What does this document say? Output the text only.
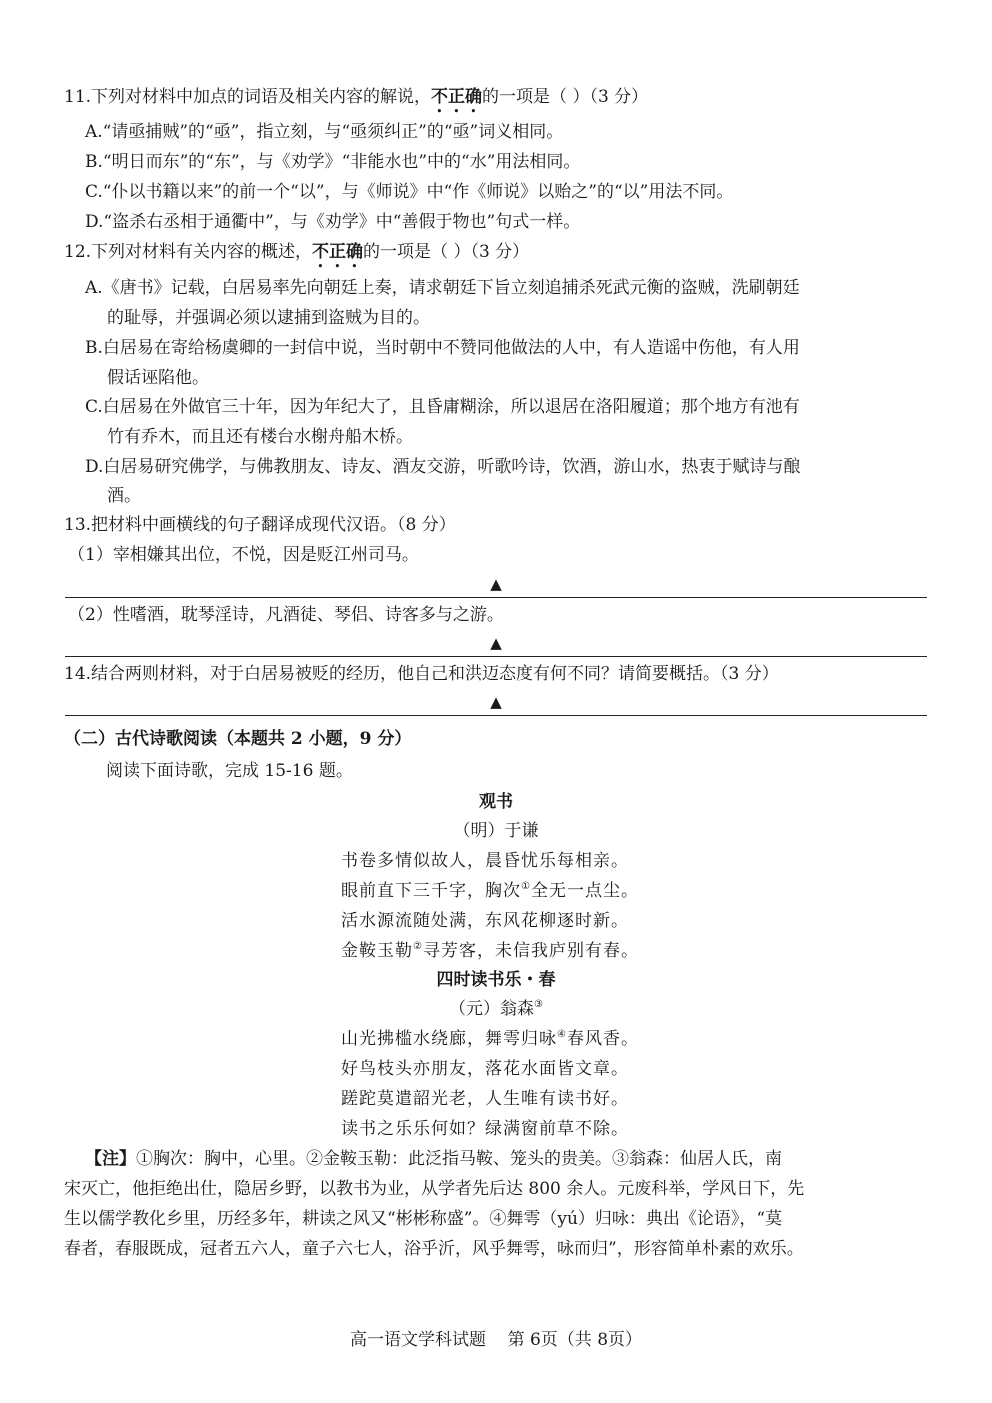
11.下列对材料中加点的词语及相关内容的解说，不正确的一项是（ ）（3 分）
A.“请亟捕贼”的“亟”，指立刻，与“亟须纠正”的“亟”词义相同。
B.“明日而东”的“东”，与《劝学》“非能水也”中的“水”用法相同。
C.“仆以书籍以来”的前一个“以”，与《师说》中“作《师说》以贻之”的“以”用法不同。
D.“盗杀右丞相于通衢中”，与《劝学》中“善假于物也”句式一样。
12.下列对材料有关内容的概述，不正确的一项是（ ）（3 分）
A.《唐书》记载，白居易率先向朝廷上奏，请求朝廷下旨立刻追捕杀死武元衡的盗贼，洗刷朝廷
的耻辱，并强调必须以逮捕到盗贼为目的。
B.白居易在寄给杨虞卿的一封信中说，当时朝中不赞同他做法的人中，有人造谣中伤他，有人用
假话诬陷他。
C.白居易在外做官三十年，因为年纪大了，且昏庸糊涂，所以退居在洛阳履道；那个地方有池有
竹有乔木，而且还有楼台水榭舟船木桥。
D.白居易研究佛学，与佛教朋友、诗友、酒友交游，听歌吟诗，饮酒，游山水，热衷于赋诗与酿
酒。
13.把材料中画横线的句子翻译成现代汉语。（8 分）
（1）宰相嫌其出位，不悦，因是贬江州司马。
▲
（2）性嗜酒，耽琴淫诗，凡酒徒、琴侣、诗客多与之游。
▲
14.结合两则材料，对于白居易被贬的经历，他自己和洪迈态度有何不同？请简要概括。（3 分）
▲
（二）古代诗歌阅读（本题共 2 小题，9 分）
阅读下面诗歌，完成 15-16 题。
观书
（明）于谦
书卷多情似故人，晨昏忧乐每相亲。
眼前直下三千字，胸次①全无一点尘。
活水源流随处满，东风花柳逐时新。
金鞍玉勒②寻芳客，未信我庐别有春。
四时读书乐・春
（元）翁森③
山光拂槛水绕廊，舞雩归咏④春风香。
好鸟枝头亦朋友，落花水面皆文章。
蹉跎莫遣韶光老，人生唯有读书好。
读书之乐乐何如？绿满窗前草不除。
【注】①胸次：胸中，心里。②金鞍玉勒：此泛指马鞍、笼头的贵美。③翁森：仙居人氏，南
宋灭亡，他拒绝出仕，隐居乡野，以教书为业，从学者先后达 800 余人。元废科举，学风日下，先
生以儒学教化乡里，历经多年，耕读之风又“彬彬称盛”。④舞雩（yú）归咏：典出《论语》，“莫
春者，春服既成，冠者五六人，童子六七人，浴乎沂，风乎舞雩，咏而归”，形容简单朴素的欢乐。
高一语文学科试题    第 6页（共 8页）
